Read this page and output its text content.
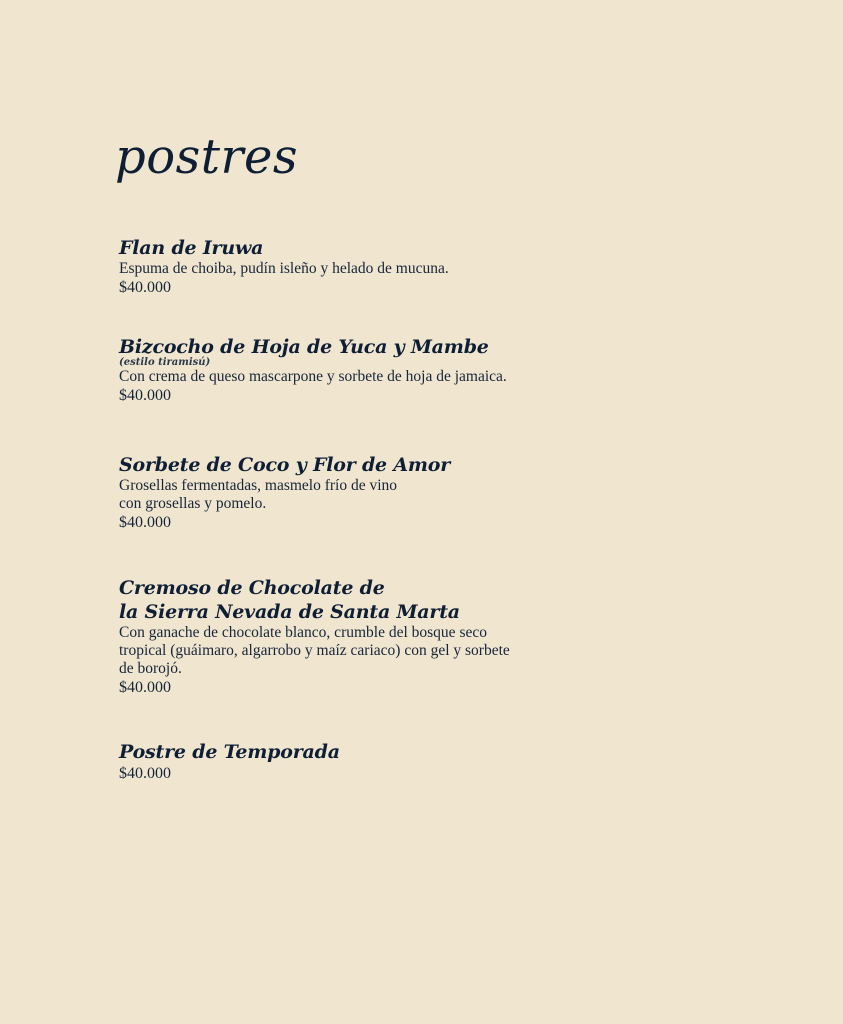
postres
Flan de Iruwa
Espuma de choiba, pudín isleño y helado de mucuna.
$40.000
Bizcocho de Hoja de Yuca y Mambe
(estilo tiramisú)
Con crema de queso mascarpone y sorbete de hoja de jamaica.
$40.000
Sorbete de Coco y Flor de Amor
Grosellas fermentadas, masmelo frío de vino
con grosellas y pomelo.
$40.000
Cremoso de Chocolate de
la Sierra Nevada de Santa Marta
Con ganache de chocolate blanco, crumble del bosque seco
tropical (guáimaro, algarrobo y maíz cariaco) con gel y sorbete
de borojó.
$40.000
Postre de Temporada
$40.000
